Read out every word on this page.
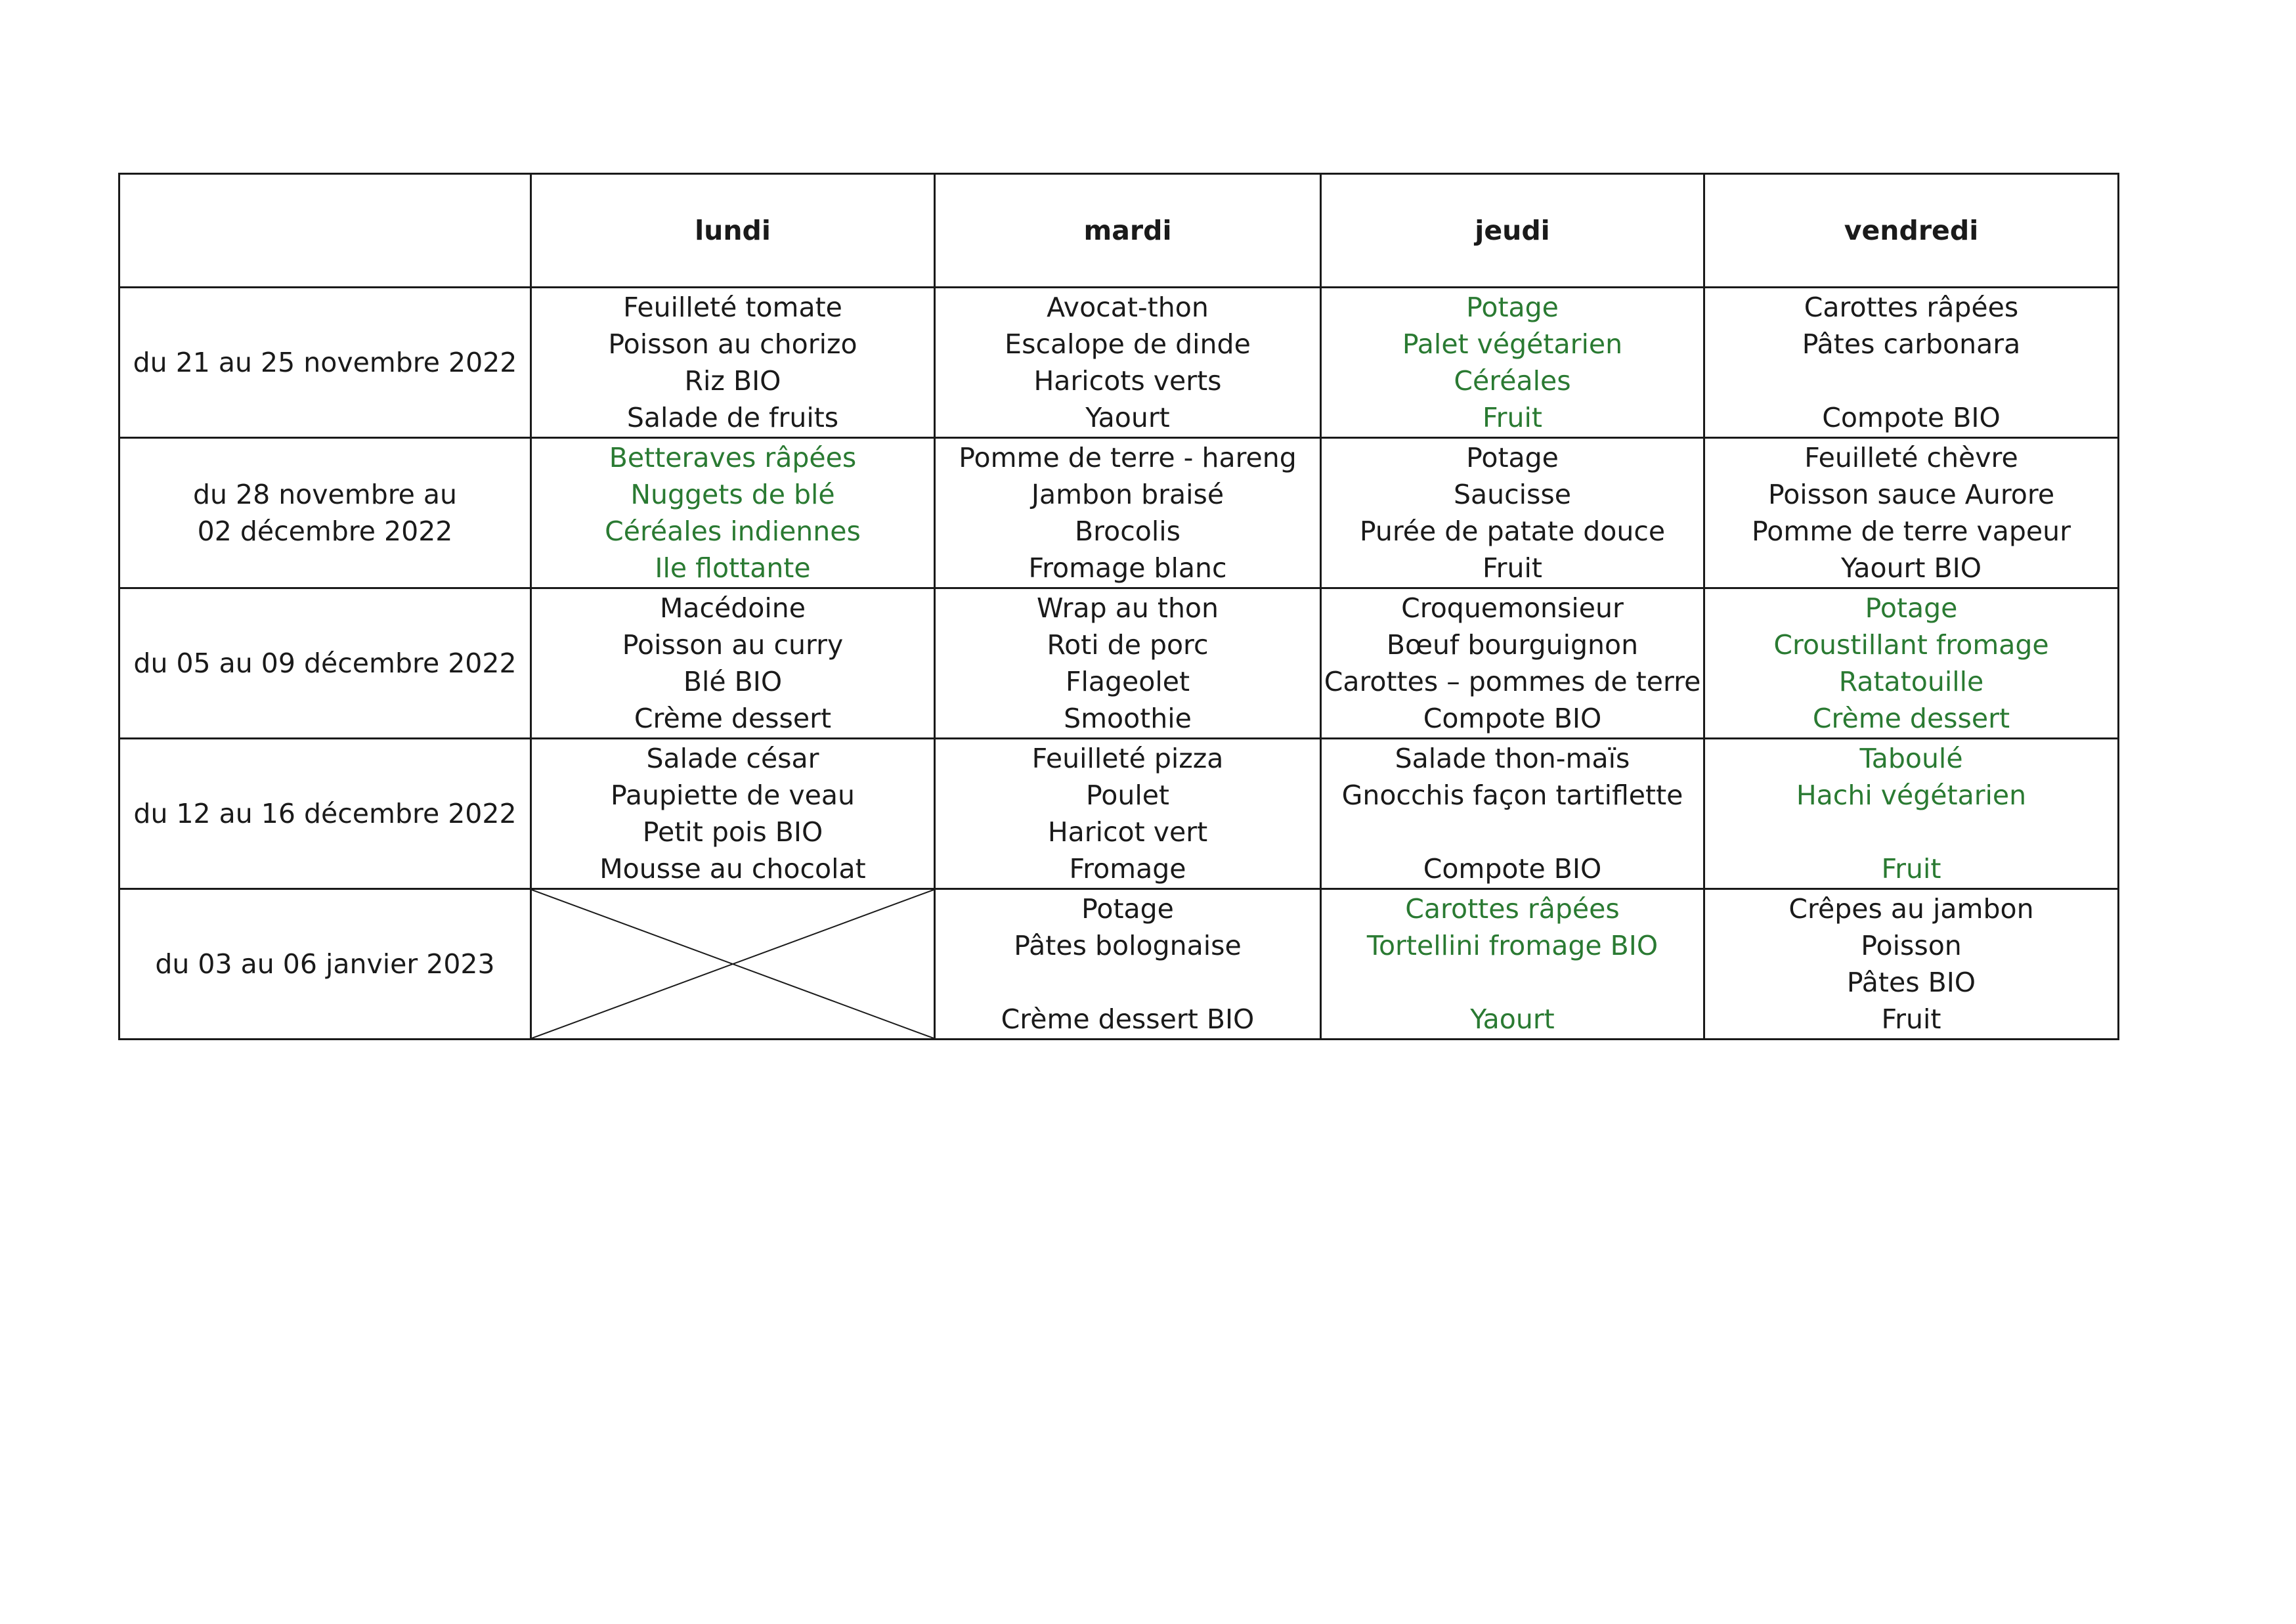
	lundi	mardi	jeudi	vendredi

du 21 au 25 novembre 2022	Feuilleté tomate
Poisson au chorizo
Riz BIO
Salade de fruits	Avocat-thon
Escalope de dinde
Haricots verts
Yaourt	Potage
Palet végétarien
Céréales
Fruit	Carottes râpées
Pâtes carbonara
Compote BIO

du 28 novembre au
02 décembre 2022	Betteraves râpées
Nuggets de blé
Céréales indiennes
Ile flottante	Pomme de terre - hareng
Jambon braisé
Brocolis
Fromage blanc	Potage
Saucisse
Purée de patate douce
Fruit	Feuilleté chèvre
Poisson sauce Aurore
Pomme de terre vapeur
Yaourt BIO

du 05 au 09 décembre 2022	Macédoine
Poisson au curry
Blé BIO
Crème dessert	Wrap au thon
Roti de porc
Flageolet
Smoothie	Croquemonsieur
Bœuf bourguignon
Carottes – pommes de terre
Compote BIO	Potage
Croustillant fromage
Ratatouille
Crème dessert

du 12 au 16 décembre 2022	Salade césar
Paupiette de veau
Petit pois BIO
Mousse au chocolat	Feuilleté pizza
Poulet
Haricot vert
Fromage	Salade thon-maïs
Gnocchis façon tartiflette
Compote BIO	Taboulé
Hachi végétarien
Fruit

du 03 au 06 janvier 2023		Potage
Pâtes bolognaise
Crème dessert BIO	Carottes râpées
Tortellini fromage BIO
Yaourt	Crêpes au jambon
Poisson
Pâtes BIO
Fruit
